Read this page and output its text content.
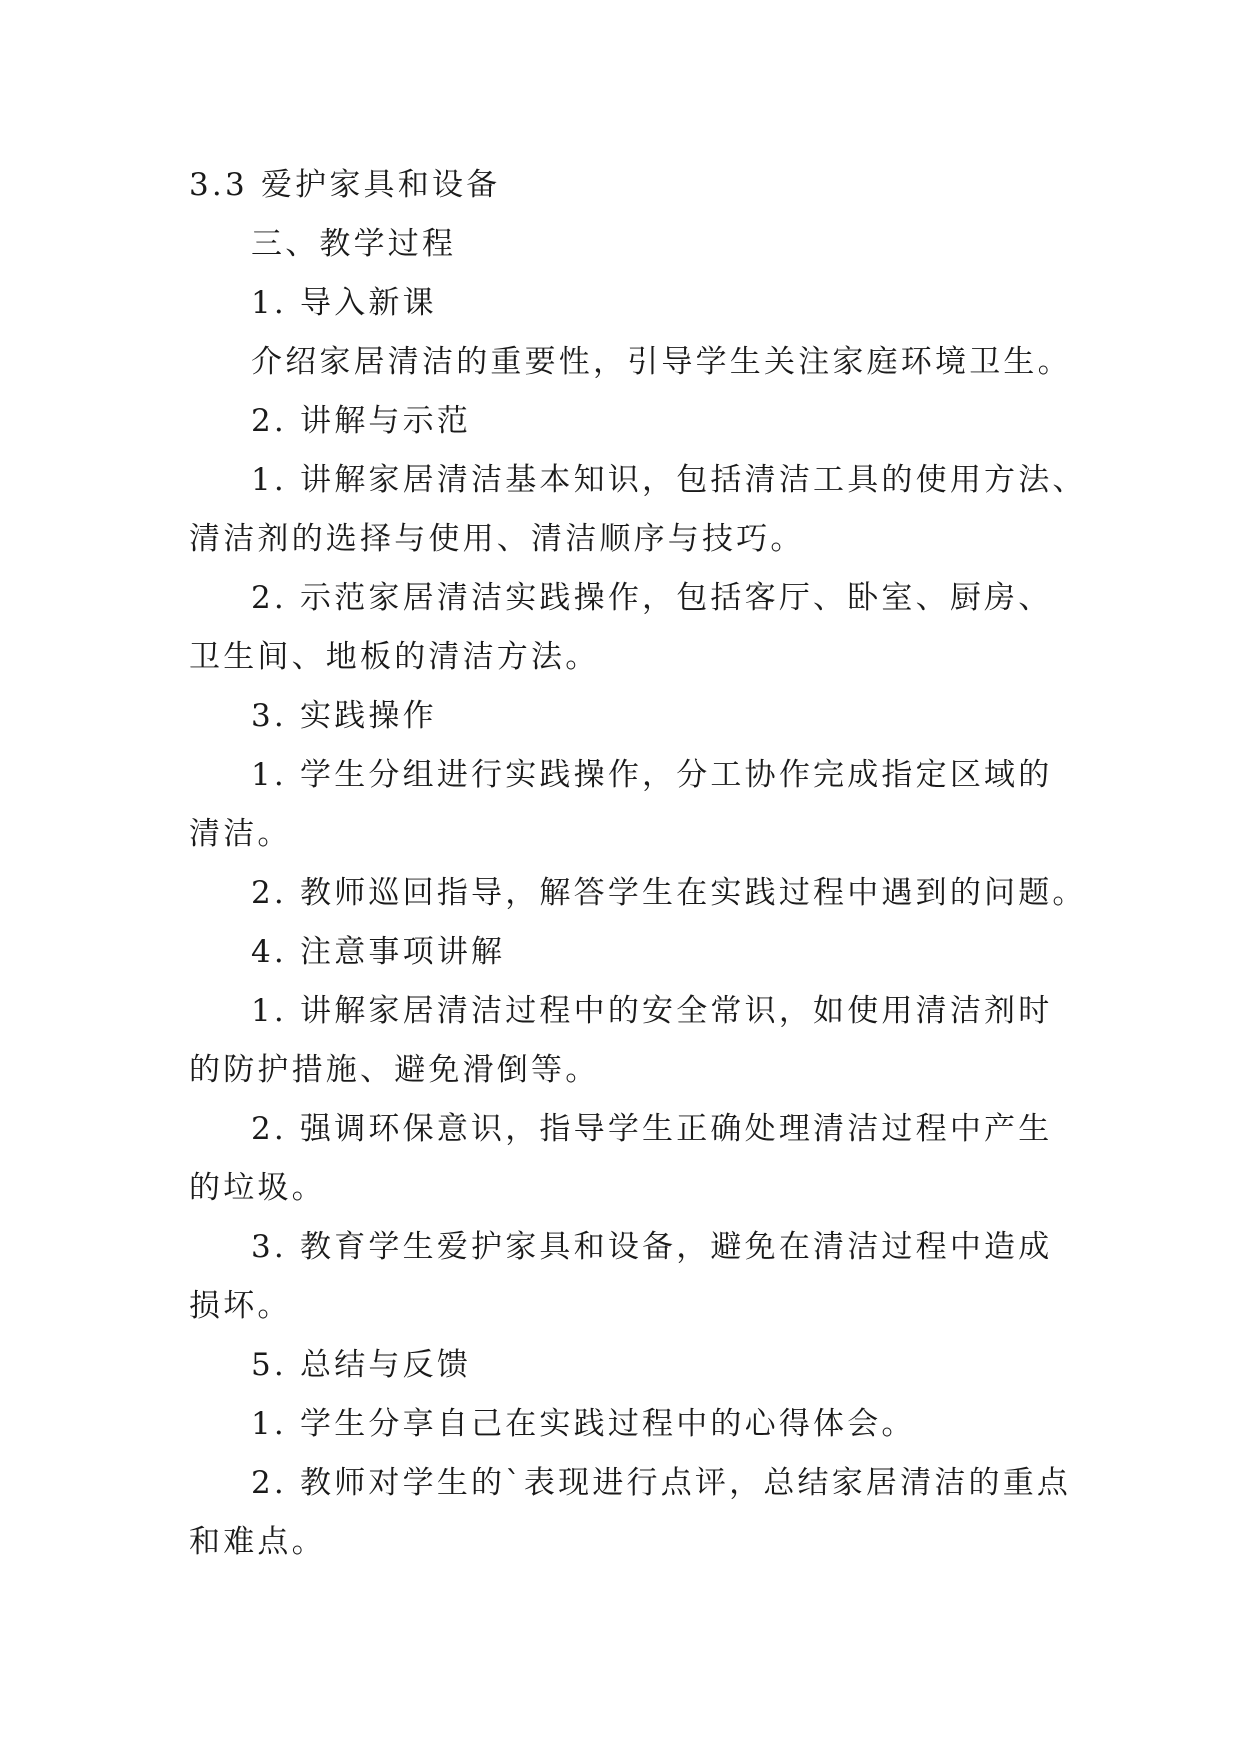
3.3 爱护家具和设备
三、教学过程
1. 导入新课
介绍家居清洁的重要性，引导学生关注家庭环境卫生。
2. 讲解与示范
1. 讲解家居清洁基本知识，包括清洁工具的使用方法、
清洁剂的选择与使用、清洁顺序与技巧。
2. 示范家居清洁实践操作，包括客厅、卧室、厨房、
卫生间、地板的清洁方法。
3. 实践操作
1. 学生分组进行实践操作，分工协作完成指定区域的
清洁。
2. 教师巡回指导，解答学生在实践过程中遇到的问题。
4. 注意事项讲解
1. 讲解家居清洁过程中的安全常识，如使用清洁剂时
的防护措施、避免滑倒等。
2. 强调环保意识，指导学生正确处理清洁过程中产生
的垃圾。
3. 教育学生爱护家具和设备，避免在清洁过程中造成
损坏。
5. 总结与反馈
1. 学生分享自己在实践过程中的心得体会。
2. 教师对学生的`表现进行点评，总结家居清洁的重点
和难点。
